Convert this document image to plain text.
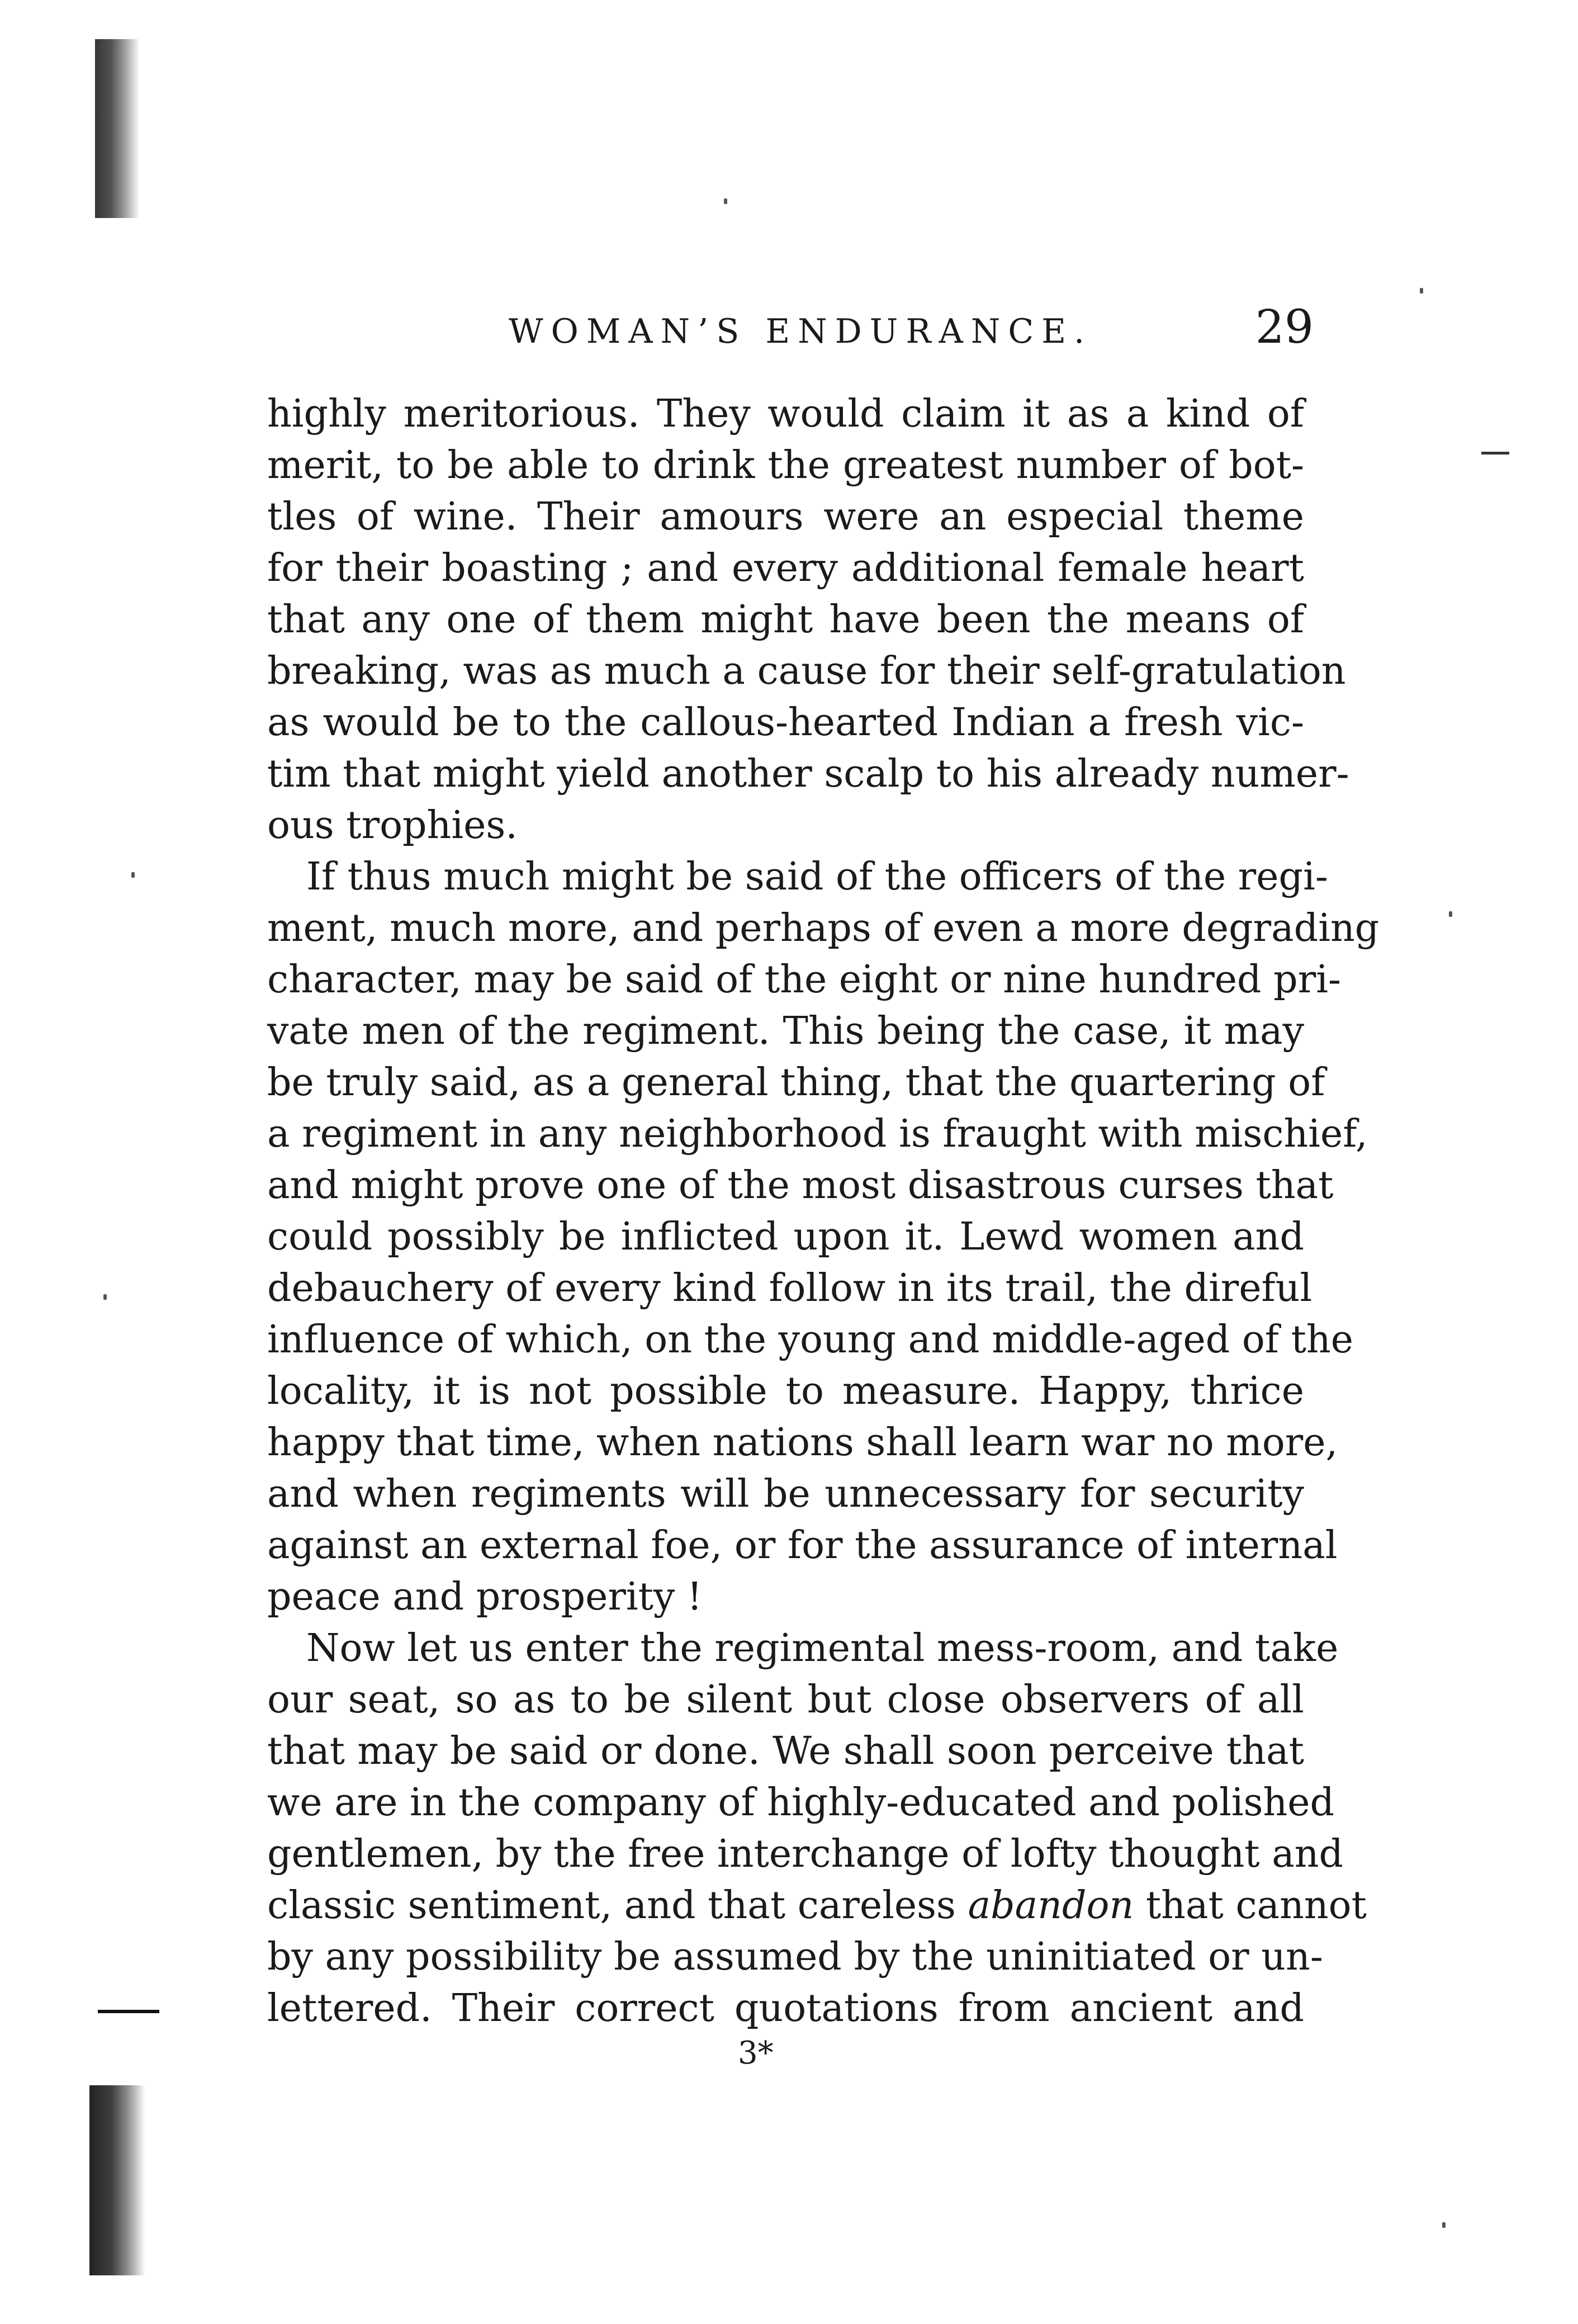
WOMAN’S ENDURANCE.	29
highly meritorious. They would claim it as a kind of
merit, to be able to drink the greatest number of bot-
tles of wine. Their amours were an especial theme
for their boasting ; and every additional female heart
that any one of them might have been the means of
breaking, was as much a cause for their self-gratulation
as would be to the callous-hearted Indian a fresh vic-
tim that might yield another scalp to his already numer-
ous trophies.
If thus much might be said of the officers of the regi-
ment, much more, and perhaps of even a more degrading
character, may be said of the eight or nine hundred pri-
vate men of the regiment. This being the case, it may
be truly said, as a general thing, that the quartering of
a regiment in any neighborhood is fraught with mischief,
and might prove one of the most disastrous curses that
could possibly be inflicted upon it. Lewd women and
debauchery of every kind follow in its trail, the direful
influence of which, on the young and middle-aged of the
locality, it is not possible to measure. Happy, thrice
happy that time, when nations shall learn war no more,
and when regiments will be unnecessary for security
against an external foe, or for the assurance of internal
peace and prosperity !
Now let us enter the regimental mess-room, and take
our seat, so as to be silent but close observers of all
that may be said or done. We shall soon perceive that
we are in the company of highly-educated and polished
gentlemen, by the free interchange of lofty thought and
classic sentiment, and that careless abandon that cannot
by any possibility be assumed by the uninitiated or un-
lettered. Their correct quotations from ancient and
3*
